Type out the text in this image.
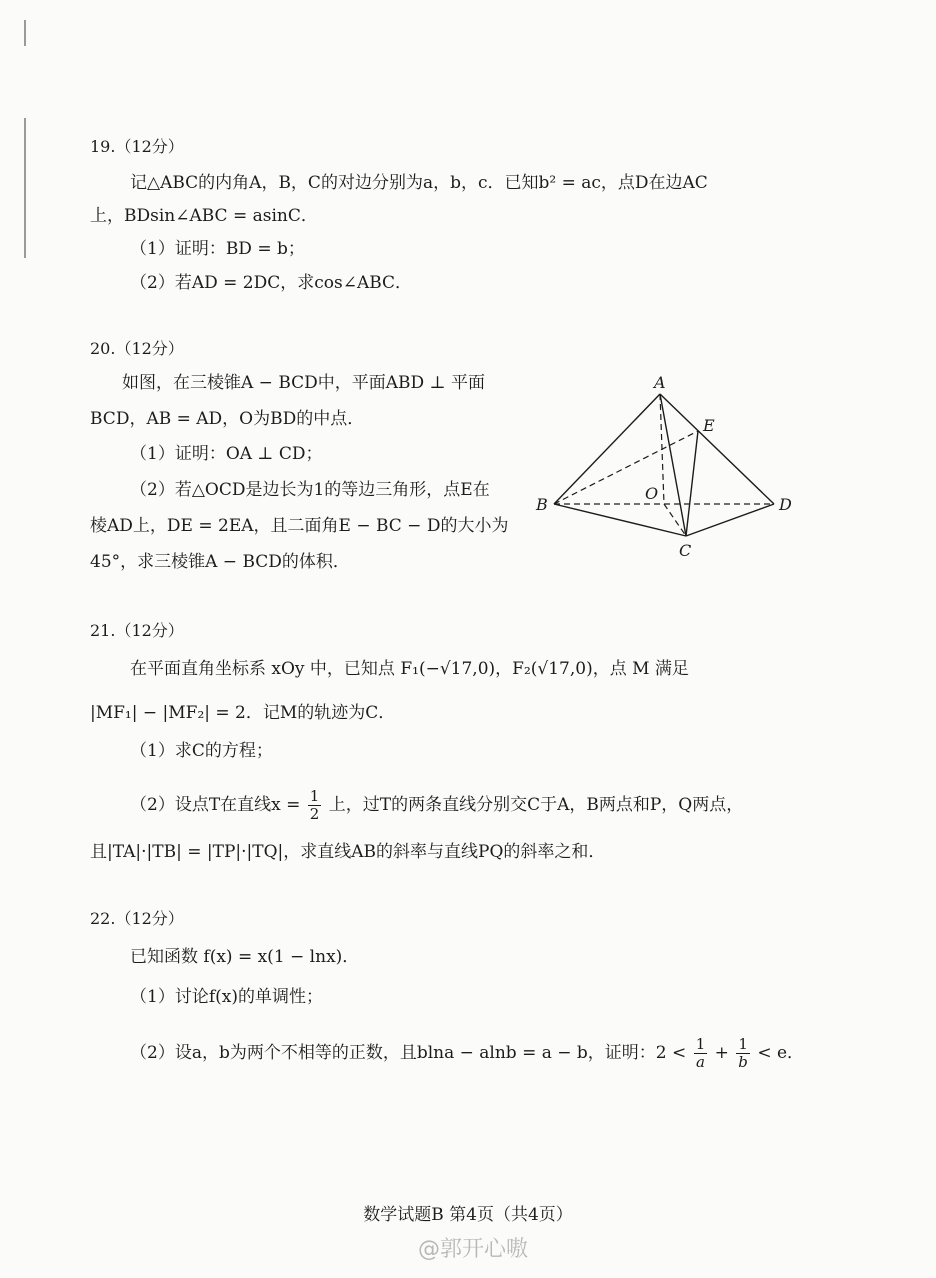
19.（12分）
记△ABC的内角A，B，C的对边分别为a，b，c．已知b² = ac，点D在边AC
上，BDsin∠ABC = asinC．
（1）证明：BD = b；
（2）若AD = 2DC，求cos∠ABC．
20.（12分）
如图，在三棱锥A − BCD中，平面ABD ⊥ 平面
BCD，AB = AD，O为BD的中点．
（1）证明：OA ⊥ CD；
（2）若△OCD是边长为1的等边三角形，点E在
棱AD上，DE = 2EA，且二面角E − BC − D的大小为
45°，求三棱锥A − BCD的体积．
A
B
C
D
E
O
21.（12分）
在平面直角坐标系 xOy 中，已知点 F₁(−√17,0)，F₂(√17,0)，点 M 满足
|MF₁| − |MF₂| = 2．记M的轨迹为C．
（1）求C的方程；
（2）设点T在直线$x = \frac{1}{2}$ 上，过T的两条直线分别交C于A，B两点和P，Q两点，
且|TA|·|TB| = |TP|·|TQ|，求直线AB的斜率与直线PQ的斜率之和．
22.（12分）
已知函数 f(x) = x(1 − lnx)．
（1）讨论f(x)的单调性；
（2）设a，b为两个不相等的正数，且blna − alnb = a − b，证明：$2 < \frac{1}{a} + \frac{1}{b} < e$．
数学试题B 第4页（共4页）
@郭开心嗷
